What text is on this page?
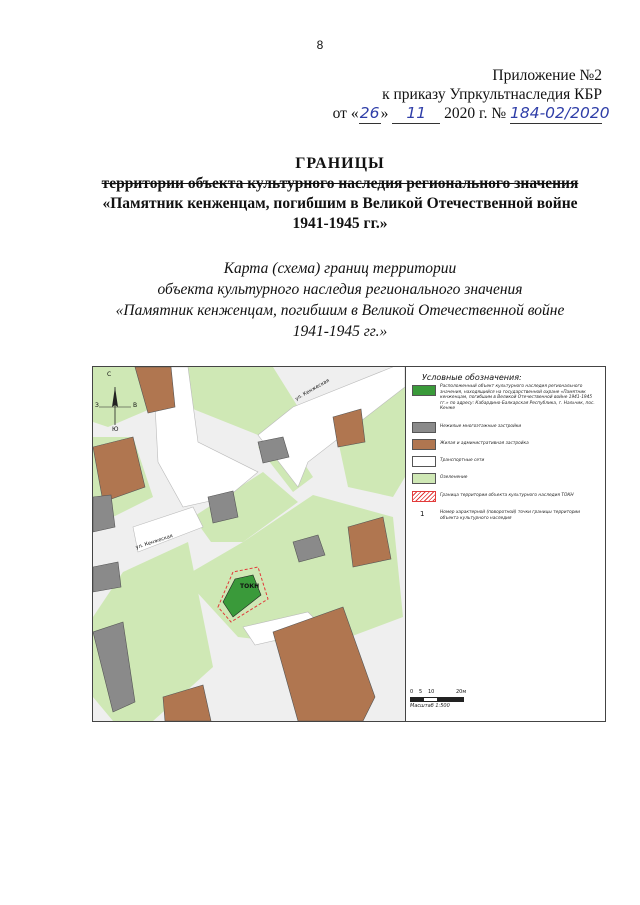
8
Приложение №2
к приказу Упркультнаследия КБР
от «26» 11 2020 г. № 184-02/2020
ГРАНИЦЫ
территории объекта культурного наследия регионального значения
«Памятник кенженцам, погибшим в Великой Отечественной войне
1941-1945 гг.»
Карта (схема) границ территории
объекта культурного наследия регионального значения
«Памятник кенженцам, погибшим в Великой Отечественной войне
1941-1945 гг.»
С
З	В
Ю
ул. Кенжеская
ул. Кенжеская
ТОКН
Условные обозначения:
Расположенный объект культурного наследия регионального значения, находящийся на государственной охране «Памятник кенженцам, погибшим в Великой Отечественной войне 1941-1945 гг.» по адресу: Кабардино-Балкарская Республика, г. Нальчик, пос. Кенже
Нежилые многоэтажные застройки
Жилая и административная застройка
Транспортные сети
Озеленение
Граница территории объекта культурного наследия ТОКН
1	Номер характерной (поворотной) точки границы территории объекта культурного наследия
0 5 10	20м
Масштаб 1:500
